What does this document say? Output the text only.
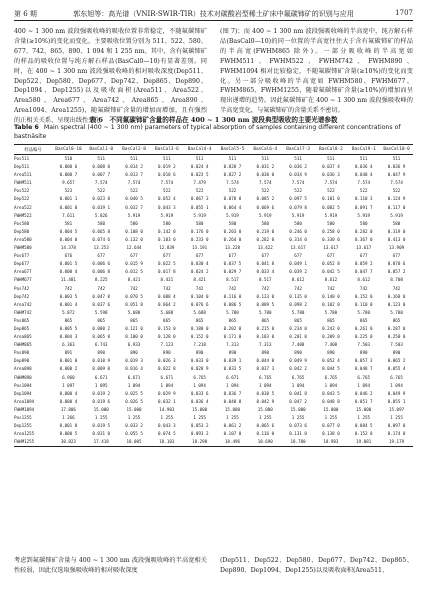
第 6 期	郭东旭等：高光谱（VNIR-SWIR-TIR）技术对碳酸岩型稀土矿床中氟碳铈矿的识别与应用	1707
400 ~ 1 300 nm 波段强吸收峰的吸收位置非常稳定，不随氟碳铈矿含量(≥10%)的变化而变化，主要吸收位置分别为 511、522、580、677、742、865、890、1 094 和 1 255 nm。其中，含有氟碳铈矿的样品的吸收位置与纯方解石样品(BasCal0—10)有显著差别。同时，在 400 ~ 1 300 nm 波段强吸收峰的相对吸收深度(Dep511、Dep522、Dep580、Dep677、Dep742、Dep865、Dep890、Dep1094、Dep1255)以及吸收面积(Area511、Area522、Area580、Area677、Area742、Area865、Area890、Area1094、Area1255)，随氟碳铈矿含量的增加而增加，且有强烈的正相关关系，呈现出线性变化
(图 7)；而 400 ~ 1 300 nm 波段强吸收峰的半高宽中，纯方解石样品(BasCal0—10)的同一位置的半高宽往往大于含有氟碳铈矿的样品的半高宽(FWHM865 除外)。一部分吸收峰的半高宽如 FWHM511、FWHM522、FWHM742、FWHM890、FWHM1094 相对比较稳定，不随氟碳铈矿含量(≥10%)的变化而变化。另一部分吸收峰的半高宽如 FWHM580、FWHM677、FWHM865、FWHM1255，随着氟碳铈矿含量(≥10%)的增加而呈现出递增的趋势。因此氟碳铈矿在 400 ~ 1 300 nm 波段强吸收峰的半高宽变化，与氟碳铈矿的含量关系不密切。
表 6　不同氟碳铈矿含量的样品在 400 ~ 1 300 nm 波段典型吸收的主要光谱参数
Table 6  Main spectral (400 ~ 1 300 nm) parameters of typical absorption of samples containing different concentrations of bastnäsite
样品编号	BasCal0-10	BasCal1-0	BasCal2-8	BasCal3-6	BasCal4-4	BasCal5-5	BasCal6-4	BasCal7-3	BasCal8-2	BasCal9-1	BasCal10-0
Pos511	510	511	511	511	511	511	511	511	511	511	511
Dep511	0.000 6	0.008 0	0.014 2	0.019 2	0.024 4	0.028 7	0.031 2	0.036 2	0.037 4	0.036 4	0.036 9
Area511	0.000 7	0.007 7	0.013 7	0.018 6	0.023 5	0.027 2	0.030 0	0.034 9	0.036 3	0.040 4	0.047 9
FWHM511	9.657	7.574	7.574	7.574	7.479	7.574	7.574	7.574	7.574	7.574	7.574
Pos522	523	522	522	522	522	522	522	522	522	522	522
Dep522	0.001 1	0.023 8	0.040 5	0.052 4	0.067 3	0.078 8	0.085 2	0.097 5	0.101 0	0.110 3	0.124 9
Area522	0.001 0	0.019 1	0.032 7	0.043 3	0.055 1	0.064 4	0.069 6	0.079 8	0.082 5	0.091 7	0.117 0
FWHM522	7.611	5.826	5.919	5.919	5.919	5.919	5.919	5.919	5.919	5.919	5.919
Pos580	581	580	580	580	580	580	580	580	580	580	580
Dep580	0.004 5	0.065 8	0.108 0	0.142 0	0.176 0	0.203 0	0.219 0	0.246 0	0.258 0	0.282 0	0.319 0
Area580	0.004 0	0.074 6	0.132 0	0.183 0	0.233 0	0.264 0	0.282 0	0.314 0	0.330 0	0.367 0	0.413 0
FWHM580	14.378	13.253	12.644	12.839	13.191	13.228	13.422	13.617	13.617	13.617	13.909
Pos677	676	677	677	677	677	677	677	677	677	677	677
Dep677	0.001 5	0.006 6	0.015 9	0.022 5	0.030 4	0.037 5	0.041 8	0.049 1	0.052 8	0.059 2	0.070 6
Area677	0.000 4	0.006 8	0.012 5	0.017 8	0.024 2	0.029 7	0.033 4	0.039 2	0.042 5	0.047 7	0.057 2
FWHM677	11.481	8.225	8.421	8.421	8.421	8.517	8.517	8.612	8.612	8.612	8.708
Pos742	742	742	742	742	742	742	742	742	742	742	742
Dep742	0.003 5	0.047 8	0.070 5	0.088 4	0.104 0	0.116 0	0.123 0	0.135 0	0.140 0	0.152 0	0.168 0
Area742	0.001 4	0.037 6	0.051 8	0.064 2	0.076 6	0.086 5	0.089 5	0.098 2	0.102 0	0.110 0	0.123 0
FWHM742	5.872	5.598	5.688	5.688	5.688	5.780	5.780	5.780	5.780	5.780	5.780
Pos865	865	865	865	865	865	865	865	865	865	865	865
Dep865	0.005 5	0.080 2	0.121 0	0.153 0	0.180 0	0.202 0	0.215 0	0.234 0	0.243 0	0.261 0	0.287 0
Area865	0.004 3	0.065 8	0.100 0	0.128 0	0.152 0	0.171 0	0.183 0	0.201 0	0.209 0	0.225 0	0.250 0
FWHM865	6.363	6.743	6.933	7.123	7.218	7.313	7.313	7.408	7.408	7.503	7.503
Pos890	891	890	890	890	890	890	890	890	890	890	890
Dep890	0.001 0	0.010 9	0.019 3	0.026 3	0.033 0	0.039 1	0.044 0	0.049 9	0.052 4	0.057 3	0.065 2
Area890	0.000 2	0.009 0	0.016 4	0.022 8	0.028 9	0.033 5	0.037 3	0.042 2	0.044 5	0.048 7	0.055 4
FWHM890	6.960	6.671	6.671	6.671	6.765	6.671	6.765	6.765	6.765	6.765	6.765
Pos1094	1 097	1 095	1 094	1 094	1 094	1 094	1 094	1 094	1 094	1 094	1 094
Dep1094	0.000 4	0.019 2	0.025 5	0.029 9	0.033 6	0.036 7	0.038 5	0.041 8	0.043 5	0.046 2	0.049 9
Area1094	0.000 4	0.019 6	0.026 5	0.032 1	0.036 4	0.040 8	0.042 9	0.047 2	0.048 8	0.051 7	0.055 1
FWHM1094	17.806	15.000	15.000	14.903	15.000	15.000	15.000	15.000	15.000	15.000	15.097
Pos1255	1 266	1 255	1 255	1 255	1 255	1 255	1 255	1 255	1 255	1 255	1 255
Dep1255	0.001 0	0.019 5	0.033 2	0.043 3	0.053 2	0.061 2	0.065 6	0.073 6	0.077 0	0.084 5	0.097 0
Area1255	0.000 5	0.031 0	0.055 5	0.074 5	0.093 2	0.107 0	0.116 0	0.131 0	0.138 0	0.152 0	0.174 0
FWHM1255	30.823	17.418	18.005	18.103	18.298	18.496	18.690	18.788	18.983	19.081	19.179
考虑到氟碳铈矿含量与 400 ~ 1 300 nm 波段强吸收峰的半高宽相关性较弱，因此仅选取强吸收峰的相对吸收深度
(Dep511、Dep522、Dep580、Dep677、Dep742、Dep865、Dep890、Dep1094、Dep1255)以及吸收面积(Area511、
